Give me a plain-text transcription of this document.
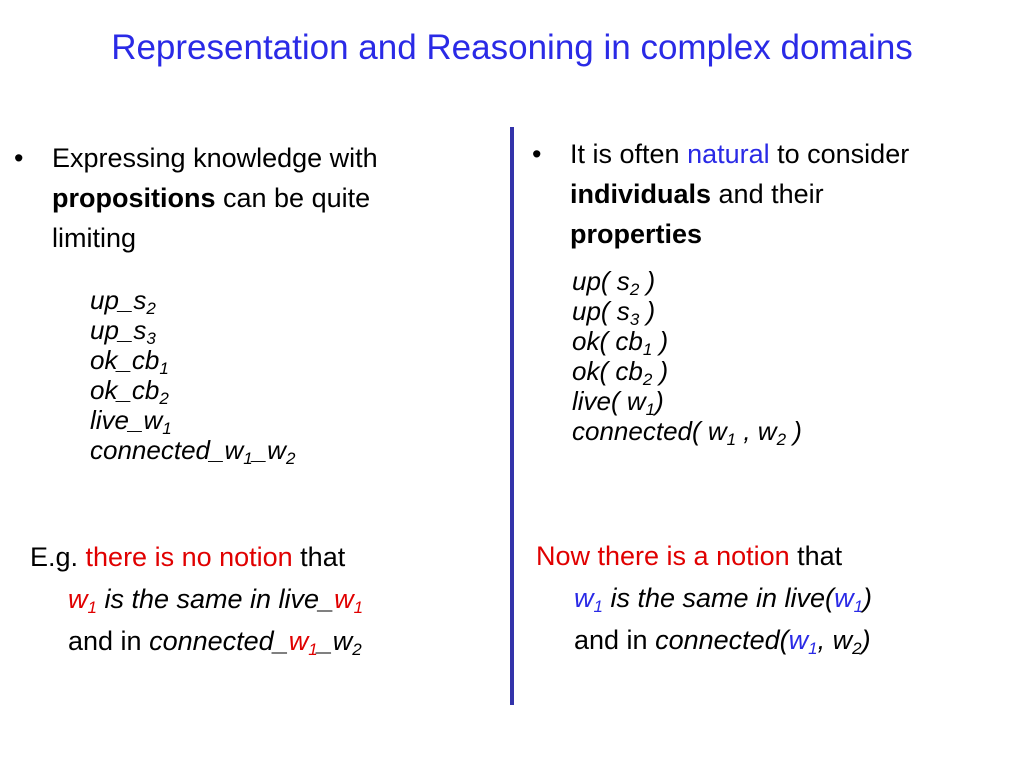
Representation and Reasoning in complex domains
• Expressing knowledge with
propositions can be quite
limiting
$up\_s_2$
$up\_s_3$
$ok\_cb_1$
$ok\_cb_2$
$live\_w_1$
$connected\_w_1\_w_2$
E.g. there is no notion that
$w_1$ is the same in $live\_w_1$
and in $connected\_w_1\_w_2$
• It is often natural to consider
individuals and their
properties
up( $s_2$ )
up( $s_3$ )
ok( $cb_1$ )
ok( $cb_2$ )
live( $w_1$)
connected( $w_1$ , $w_2$ )
Now there is a notion that
$w_1$ is the same in $live(w_1)$
and in $connected(w_1$, $w_2$)
